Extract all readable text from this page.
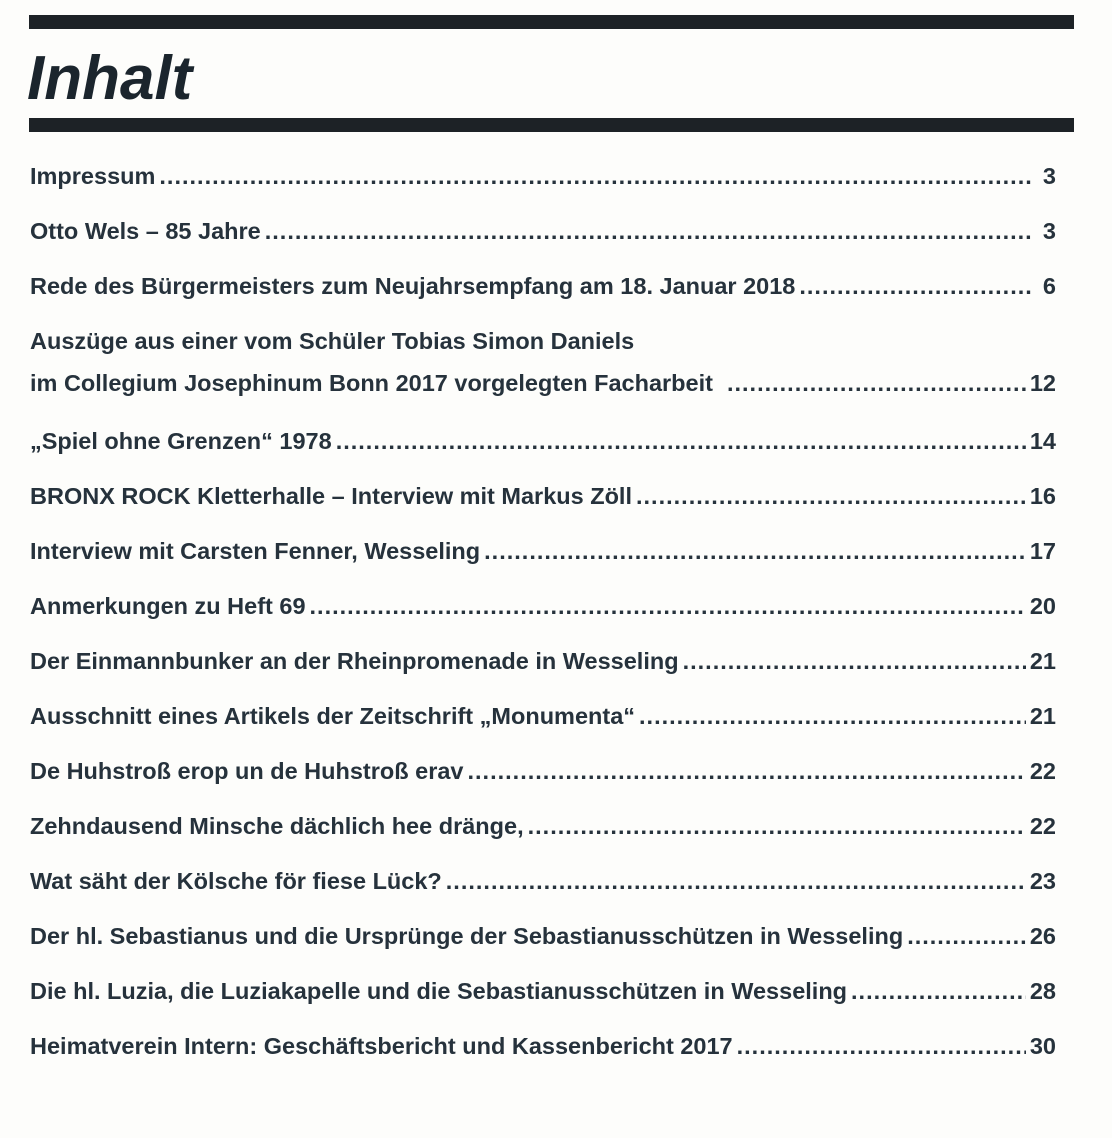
Inhalt
Impressum .....	3
Otto Wels – 85 Jahre .....	3
Rede des Bürgermeisters zum Neujahrsempfang am 18. Januar 2018 .....	6
Auszüge aus einer vom Schüler Tobias Simon Daniels
im Collegium Josephinum Bonn 2017 vorgelegten Facharbeit .....	12
„Spiel ohne Grenzen“ 1978 .....	14
BRONX ROCK Kletterhalle – Interview mit Markus Zöll .....	16
Interview mit Carsten Fenner, Wesseling .....	17
Anmerkungen zu Heft 69 .....	20
Der Einmannbunker an der Rheinpromenade in Wesseling .....	21
Ausschnitt eines Artikels der Zeitschrift „Monumenta“ .....	21
De Huhstroß erop un de Huhstroß erav .....	22
Zehndausend Minsche dächlich hee dränge, .....	22
Wat säht der Kölsche för fiese Lück? .....	23
Der hl. Sebastianus und die Ursprünge der Sebastianusschützen in Wesseling .....	26
Die hl. Luzia, die Luziakapelle und die Sebastianusschützen in Wesseling .....	28
Heimatverein Intern: Geschäftsbericht und Kassenbericht 2017 .....	30
